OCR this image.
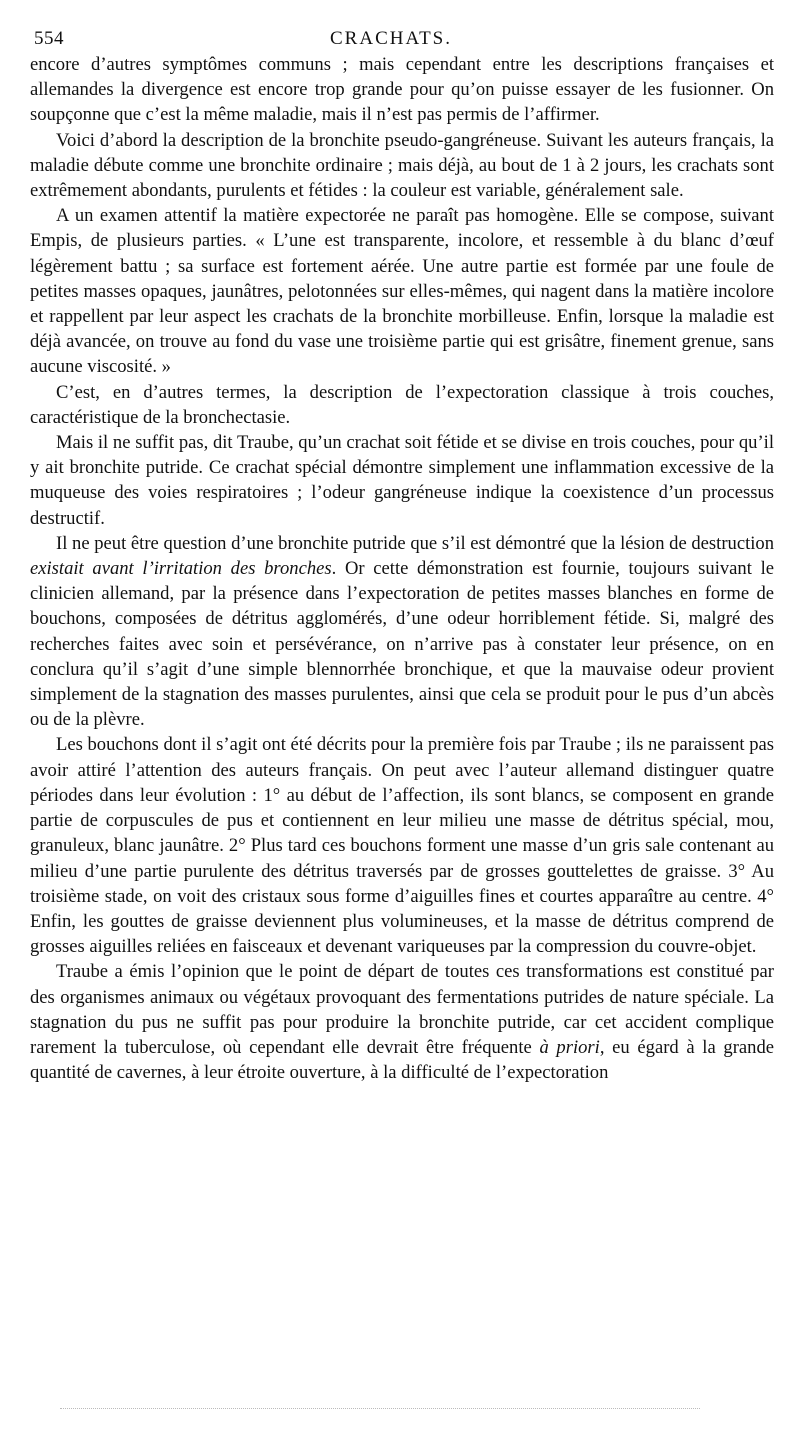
554	CRACHATS.

encore d’autres symptômes communs ; mais cependant entre les descriptions françaises et allemandes la divergence est encore trop grande pour qu’on puisse essayer de les fusionner. On soupçonne que c’est la même maladie, mais il n’est pas permis de l’affirmer.

Voici d’abord la description de la bronchite pseudo-gangréneuse. Suivant les auteurs français, la maladie débute comme une bronchite ordinaire ; mais déjà, au bout de 1 à 2 jours, les crachats sont extrêmement abondants, purulents et fétides : la couleur est variable, généralement sale.

A un examen attentif la matière expectorée ne paraît pas homogène. Elle se compose, suivant Empis, de plusieurs parties. « L’une est transparente, incolore, et ressemble à du blanc d’œuf légèrement battu ; sa surface est fortement aérée. Une autre partie est formée par une foule de petites masses opaques, jaunâtres, pelotonnées sur elles-mêmes, qui nagent dans la matière incolore et rappellent par leur aspect les crachats de la bronchite morbilleuse. Enfin, lorsque la maladie est déjà avancée, on trouve au fond du vase une troisième partie qui est grisâtre, finement grenue, sans aucune viscosité. »

C’est, en d’autres termes, la description de l’expectoration classique à trois couches, caractéristique de la bronchectasie.

Mais il ne suffit pas, dit Traube, qu’un crachat soit fétide et se divise en trois couches, pour qu’il y ait bronchite putride. Ce crachat spécial démontre simplement une inflammation excessive de la muqueuse des voies respiratoires ; l’odeur gangréneuse indique la coexistence d’un processus destructif.

Il ne peut être question d’une bronchite putride que s’il est démontré que la lésion de destruction existait avant l’irritation des bronches. Or cette démonstration est fournie, toujours suivant le clinicien allemand, par la présence dans l’expectoration de petites masses blanches en forme de bouchons, composées de détritus agglomérés, d’une odeur horriblement fétide. Si, malgré des recherches faites avec soin et persévérance, on n’arrive pas à constater leur présence, on en conclura qu’il s’agit d’une simple blennorrhée bronchique, et que la mauvaise odeur provient simplement de la stagnation des masses purulentes, ainsi que cela se produit pour le pus d’un abcès ou de la plèvre.

Les bouchons dont il s’agit ont été décrits pour la première fois par Traube ; ils ne paraissent pas avoir attiré l’attention des auteurs français. On peut avec l’auteur allemand distinguer quatre périodes dans leur évolution : 1° au début de l’affection, ils sont blancs, se composent en grande partie de corpuscules de pus et contiennent en leur milieu une masse de détritus spécial, mou, granuleux, blanc jaunâtre. 2° Plus tard ces bouchons forment une masse d’un gris sale contenant au milieu d’une partie purulente des détritus traversés par de grosses gouttelettes de graisse. 3° Au troisième stade, on voit des cristaux sous forme d’aiguilles fines et courtes apparaître au centre. 4° Enfin, les gouttes de graisse deviennent plus volumineuses, et la masse de détritus comprend de grosses aiguilles reliées en faisceaux et devenant variqueuses par la compression du couvre-objet.

Traube a émis l’opinion que le point de départ de toutes ces transformations est constitué par des organismes animaux ou végétaux provoquant des fermentations putrides de nature spéciale. La stagnation du pus ne suffit pas pour produire la bronchite putride, car cet accident complique rarement la tuberculose, où cependant elle devrait être fréquente à priori, eu égard à la grande quantité de cavernes, à leur étroite ouverture, à la difficulté de l’expectoration
